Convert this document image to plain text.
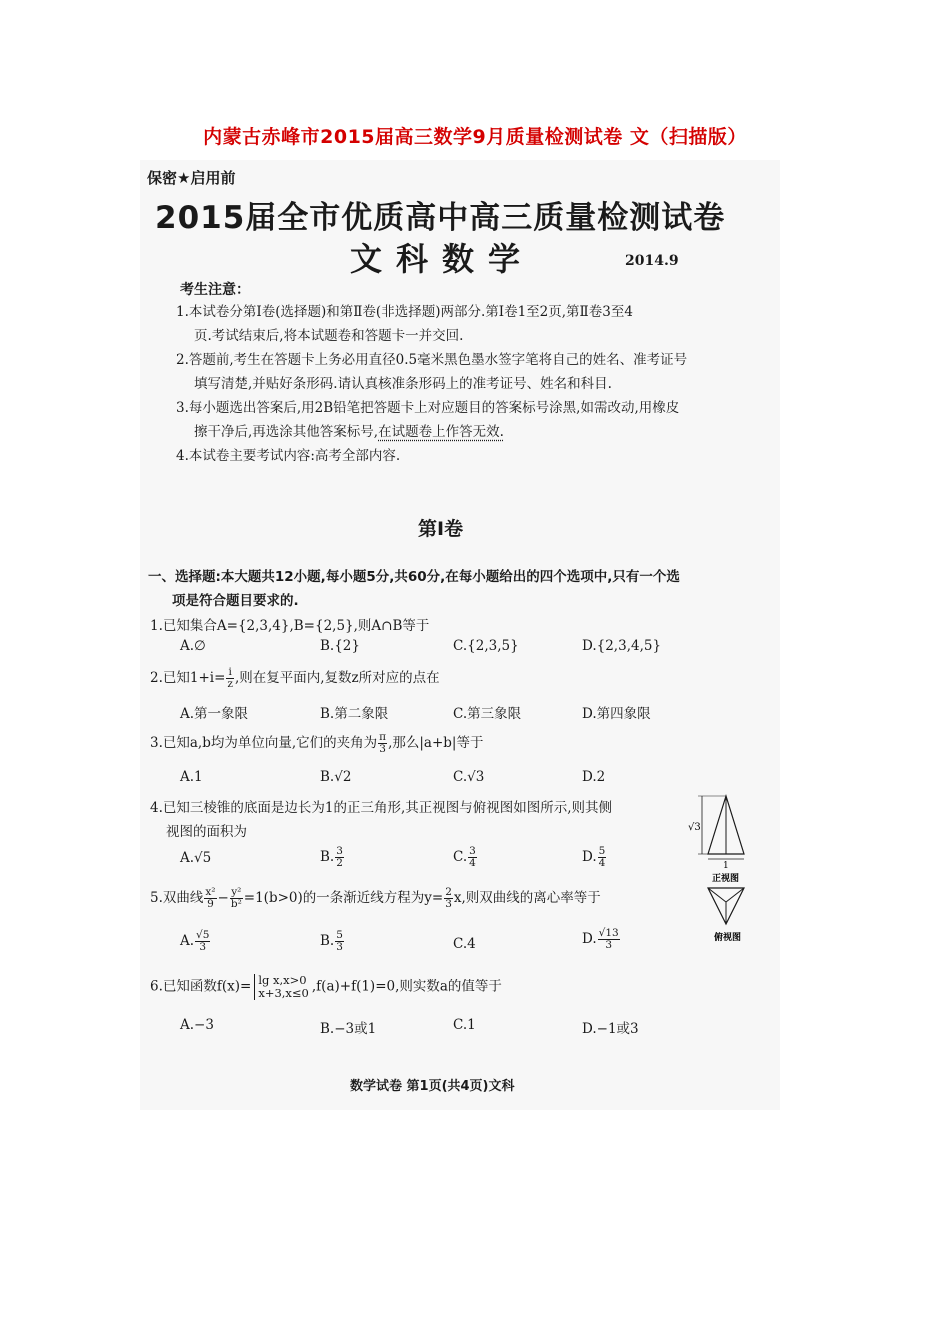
内蒙古赤峰市2015届高三数学9月质量检测试卷 文（扫描版）
保密★启用前
2015届全市优质高中高三质量检测试卷
文科数学	2014.9
考生注意：
1.本试卷分第Ⅰ卷(选择题)和第Ⅱ卷(非选择题)两部分.第Ⅰ卷1至2页,第Ⅱ卷3至4
页.考试结束后,将本试题卷和答题卡一并交回.
2.答题前,考生在答题卡上务必用直径0.5毫米黑色墨水签字笔将自己的姓名、准考证号
填写清楚,并贴好条形码.请认真核准条形码上的准考证号、姓名和科目.
3.每小题选出答案后,用2B铅笔把答题卡上对应题目的答案标号涂黑,如需改动,用橡皮
擦干净后,再选涂其他答案标号,在试题卷上作答无效.
4.本试卷主要考试内容:高考全部内容.
第Ⅰ卷
一、选择题:本大题共12小题,每小题5分,共60分,在每小题给出的四个选项中,只有一个选
项是符合题目要求的.
1.已知集合A={2,3,4},B={2,5},则A∩B等于
A.∅	B.{2}	C.{2,3,5}	D.{2,3,4,5}
2.已知$1+i= \frac{i}{z}$ ,则在复平面内,复数z所对应的点在
A.第一象限	B.第二象限	C.第三象限	D.第四象限
3.已知a,b均为单位向量,它们的夹角为 $\frac{\pi}{3}$ ,那么|a+b|等于
A.1	B.√2	C.√3	D.2
4.已知三棱锥的底面是边长为1的正三角形,其正视图与俯视图如图所示,则其侧
视图的面积为
A.√5	B. $\frac{3}{2}$	C. $\frac{3}{4}$	D. $\frac{5}{4}$
5.双曲线 $\frac{\text{x²}}{9} - \frac{\text{y²}}{\text{b²}} =1(b>0)$的一条渐近线方程为$y= \frac{2}{3} x$,则双曲线的离心率等于
A. $\frac{√5}{3}$	B. $\frac{5}{3}$	C.4	D. $\frac{√13}{3}$
6.已知函数f(x)= lg x,x>0
x+3,x≤0 ,f(a)+f(1)=0,则实数a的值等于
A.−3	B.−3或1	C.1	D.−1或3
√3
1
正视图
俯视图
数学试卷 第1页(共4页)文科
